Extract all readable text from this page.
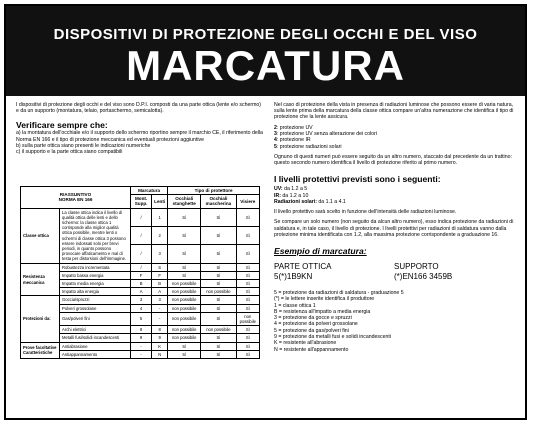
DISPOSITIVI DI PROTEZIONE DEGLI OCCHI E DEL VISO
MARCATURA
I dispositivi di protezione degli occhi e del viso sono D.P.I. composti da una parte ottica (lente e/o schermo) e da un supporto (montatura, telaio, portaschermo, semicalotta).
Verificare sempre che:
a) la montatura dell'occhiale e/o il supporto dello schermo riportino sempre il marchio CE, il riferimento della Norma EN 166 e il tipo di protezione meccanica ed eventuali protezioni aggiuntive
b) sulla parte ottica siano presenti le indicazioni numeriche
c) il supporto e la parte ottica siano compatibili
RIASSUNTIVO
NORMA EN 166		Marcatura		Tipo di protettore		
		Mont. Supp.	Lenti	Occhiali stanghette	Occhiali mascherina	Visiere
Classe ottica	La classe ottica indica il livello di qualità ottica delle lenti e dello schermo: la classe ottica 1 corrisponde alla miglior qualità ottica possibile, mentre lenti o schermi di classe ottica 3 possono essere indossati solo per brevi periodi, in quanto possono provocare affaticamento e mal di testa per distorsioni dell'immagine.	/	1	Sì	Sì	Sì
		/	2	Sì	Sì	Sì
		/	3	Sì	Sì	Sì
Resistenza meccanica	Robustezza incrementata	/	S	Sì	Sì	Sì
	Impatto bassa energia	F	F	Sì	Sì	Sì
	Impatto media energia	B	B	non possibile	Sì	Sì
	Impatto alta energia	A	A	non possibile	non possibile	Sì
Protezioni da:	Goccia/spruzzi	3	3	non possibile	Sì	Sì
	Polveri grossolane	4	-	non possibile	Sì	Sì
	Gas/polveri fini	5	-	non possibile	Sì	non possibile
	Archi elettrici	8	8	non possibile	non possibile	Sì
	Metalli fusi/solidi incandescenti	9	9	non possibile	Sì	Sì
Prove facoltative Caratteristiche	Antiabrasione	-	K	Sì	Sì	Sì
	Antiappannamento	-	N	Sì	Sì	Sì
Nel caso di protezione della vista in presenza di radiazioni luminose che possono essere di varia natura, sulla lente prima della marcatura della classe ottica compare un'altra numerazione che identifica il tipo di protezione che la lente assicura.
2: protezione UV
3: protezione UV senza alterazione dei colori
4: protezione IR
5: protezione radiazioni solari
Ognuno di questi numeri può essere seguito da un altro numero, staccato dal precedente da un trattino: questo secondo numero identifica il livello di protezione riferito al primo numero.
I livelli protettivi previsti sono i seguenti:
UV: da 1.2 a 5
IR: da 1.2 a 10
Radiazioni solari: da 1.1 a 4.1
Il livello protettivo sarà scelto in funzione dell'intensità delle radiazioni luminose.
Se compare un solo numero (non seguito da alcun altro numero), esso indica protezione da radiazioni di saldatura e, in tale caso, il livello di protezione. I livelli protettivi per radiazioni di saldatura vanno dalla protezione minima identificata con 1.2, alla massima protezione corrispondente a graduazione 16.
Esempio di marcatura:
PARTE OTTICA
5(*)1B9KN
SUPPORTO
(*)EN166 3459B
5 = protezione da radiazioni di saldatura - graduazione 5
(*) = le lettere inserite identifica il produttore
1 = classe ottica 1
B = resistenza all'impatto a media energia
3 = protezione da gocce e spruzzi
4 = protezione da polveri grossolane
5 = protezione da gas/polveri fini
9 = protezione da metalli fusi e solidi incandescenti
K = resistente all'abrasione
N = resistente all'appannamento
